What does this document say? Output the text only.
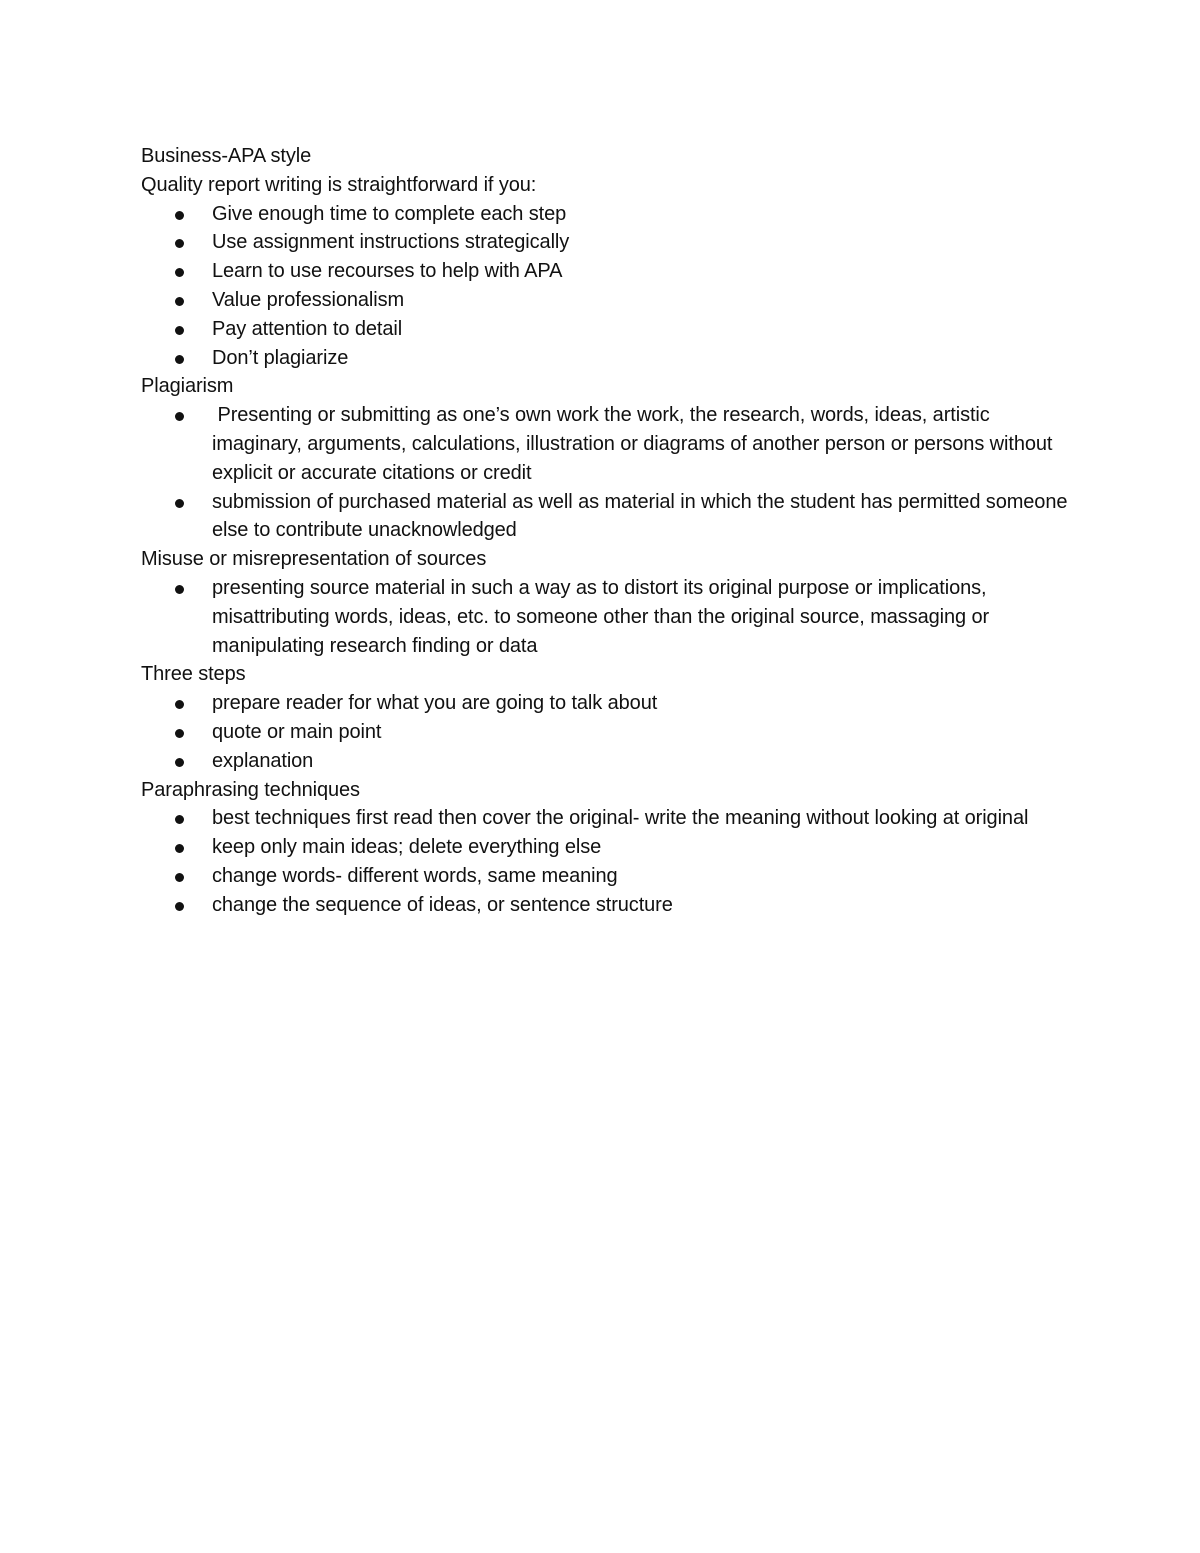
Business-APA style
Quality report writing is straightforward if you:
Give enough time to complete each step
Use assignment instructions strategically
Learn to use recourses to help with APA
Value professionalism
Pay attention to detail
Don’t plagiarize
Plagiarism
Presenting or submitting as one’s own work the work, the research, words, ideas, artistic imaginary, arguments, calculations, illustration or diagrams of another person or persons without explicit or accurate citations or credit
submission of purchased material as well as material in which the student has permitted someone else to contribute unacknowledged
Misuse or misrepresentation of sources
presenting source material in such a way as to distort its original purpose or implications, misattributing words, ideas, etc. to someone other than the original source, massaging or manipulating research finding or data
Three steps
prepare reader for what you are going to talk about
quote or main point
explanation
Paraphrasing techniques
best techniques first read then cover the original- write the meaning without looking at original
keep only main ideas; delete everything else
change words- different words, same meaning
change the sequence of ideas, or sentence structure
